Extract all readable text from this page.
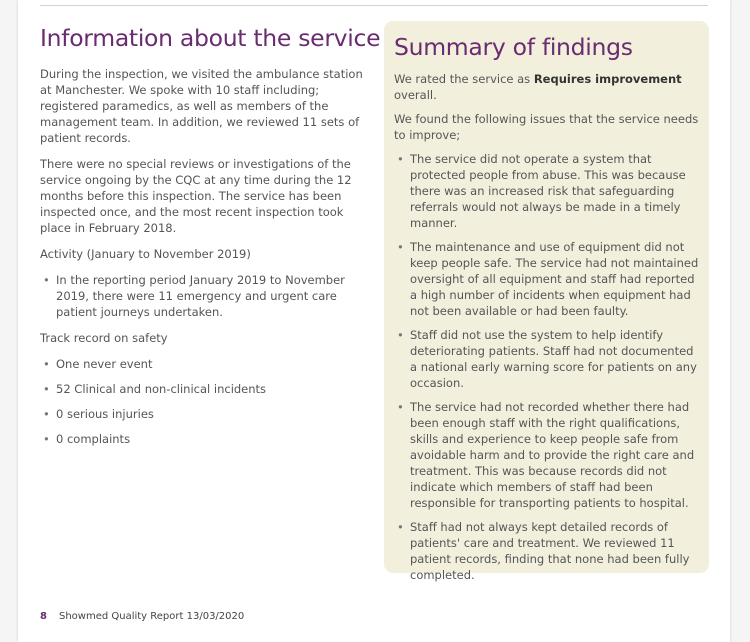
Information about the service

During the inspection, we visited the ambulance station at Manchester. We spoke with 10 staff including; registered paramedics, as well as members of the management team. In addition, we reviewed 11 sets of patient records.

There were no special reviews or investigations of the service ongoing by the CQC at any time during the 12 months before this inspection. The service has been inspected once, and the most recent inspection took place in February 2018.

Activity (January to November 2019)

• In the reporting period January 2019 to November 2019, there were 11 emergency and urgent care patient journeys undertaken.

Track record on safety

• One never event
• 52 Clinical and non-clinical incidents
• 0 serious injuries
• 0 complaints
Summary of findings

We rated the service as Requires improvement overall.

We found the following issues that the service needs to improve;

• The service did not operate a system that protected people from abuse. This was because there was an increased risk that safeguarding referrals would not always be made in a timely manner.
• The maintenance and use of equipment did not keep people safe. The service had not maintained oversight of all equipment and staff had reported a high number of incidents when equipment had not been available or had been faulty.
• Staff did not use the system to help identify deteriorating patients. Staff had not documented a national early warning score for patients on any occasion.
• The service had not recorded whether there had been enough staff with the right qualifications, skills and experience to keep people safe from avoidable harm and to provide the right care and treatment. This was because records did not indicate which members of staff had been responsible for transporting patients to hospital.
• Staff had not always kept detailed records of patients' care and treatment. We reviewed 11 patient records, finding that none had been fully completed.
8 Showmed Quality Report 13/03/2020
